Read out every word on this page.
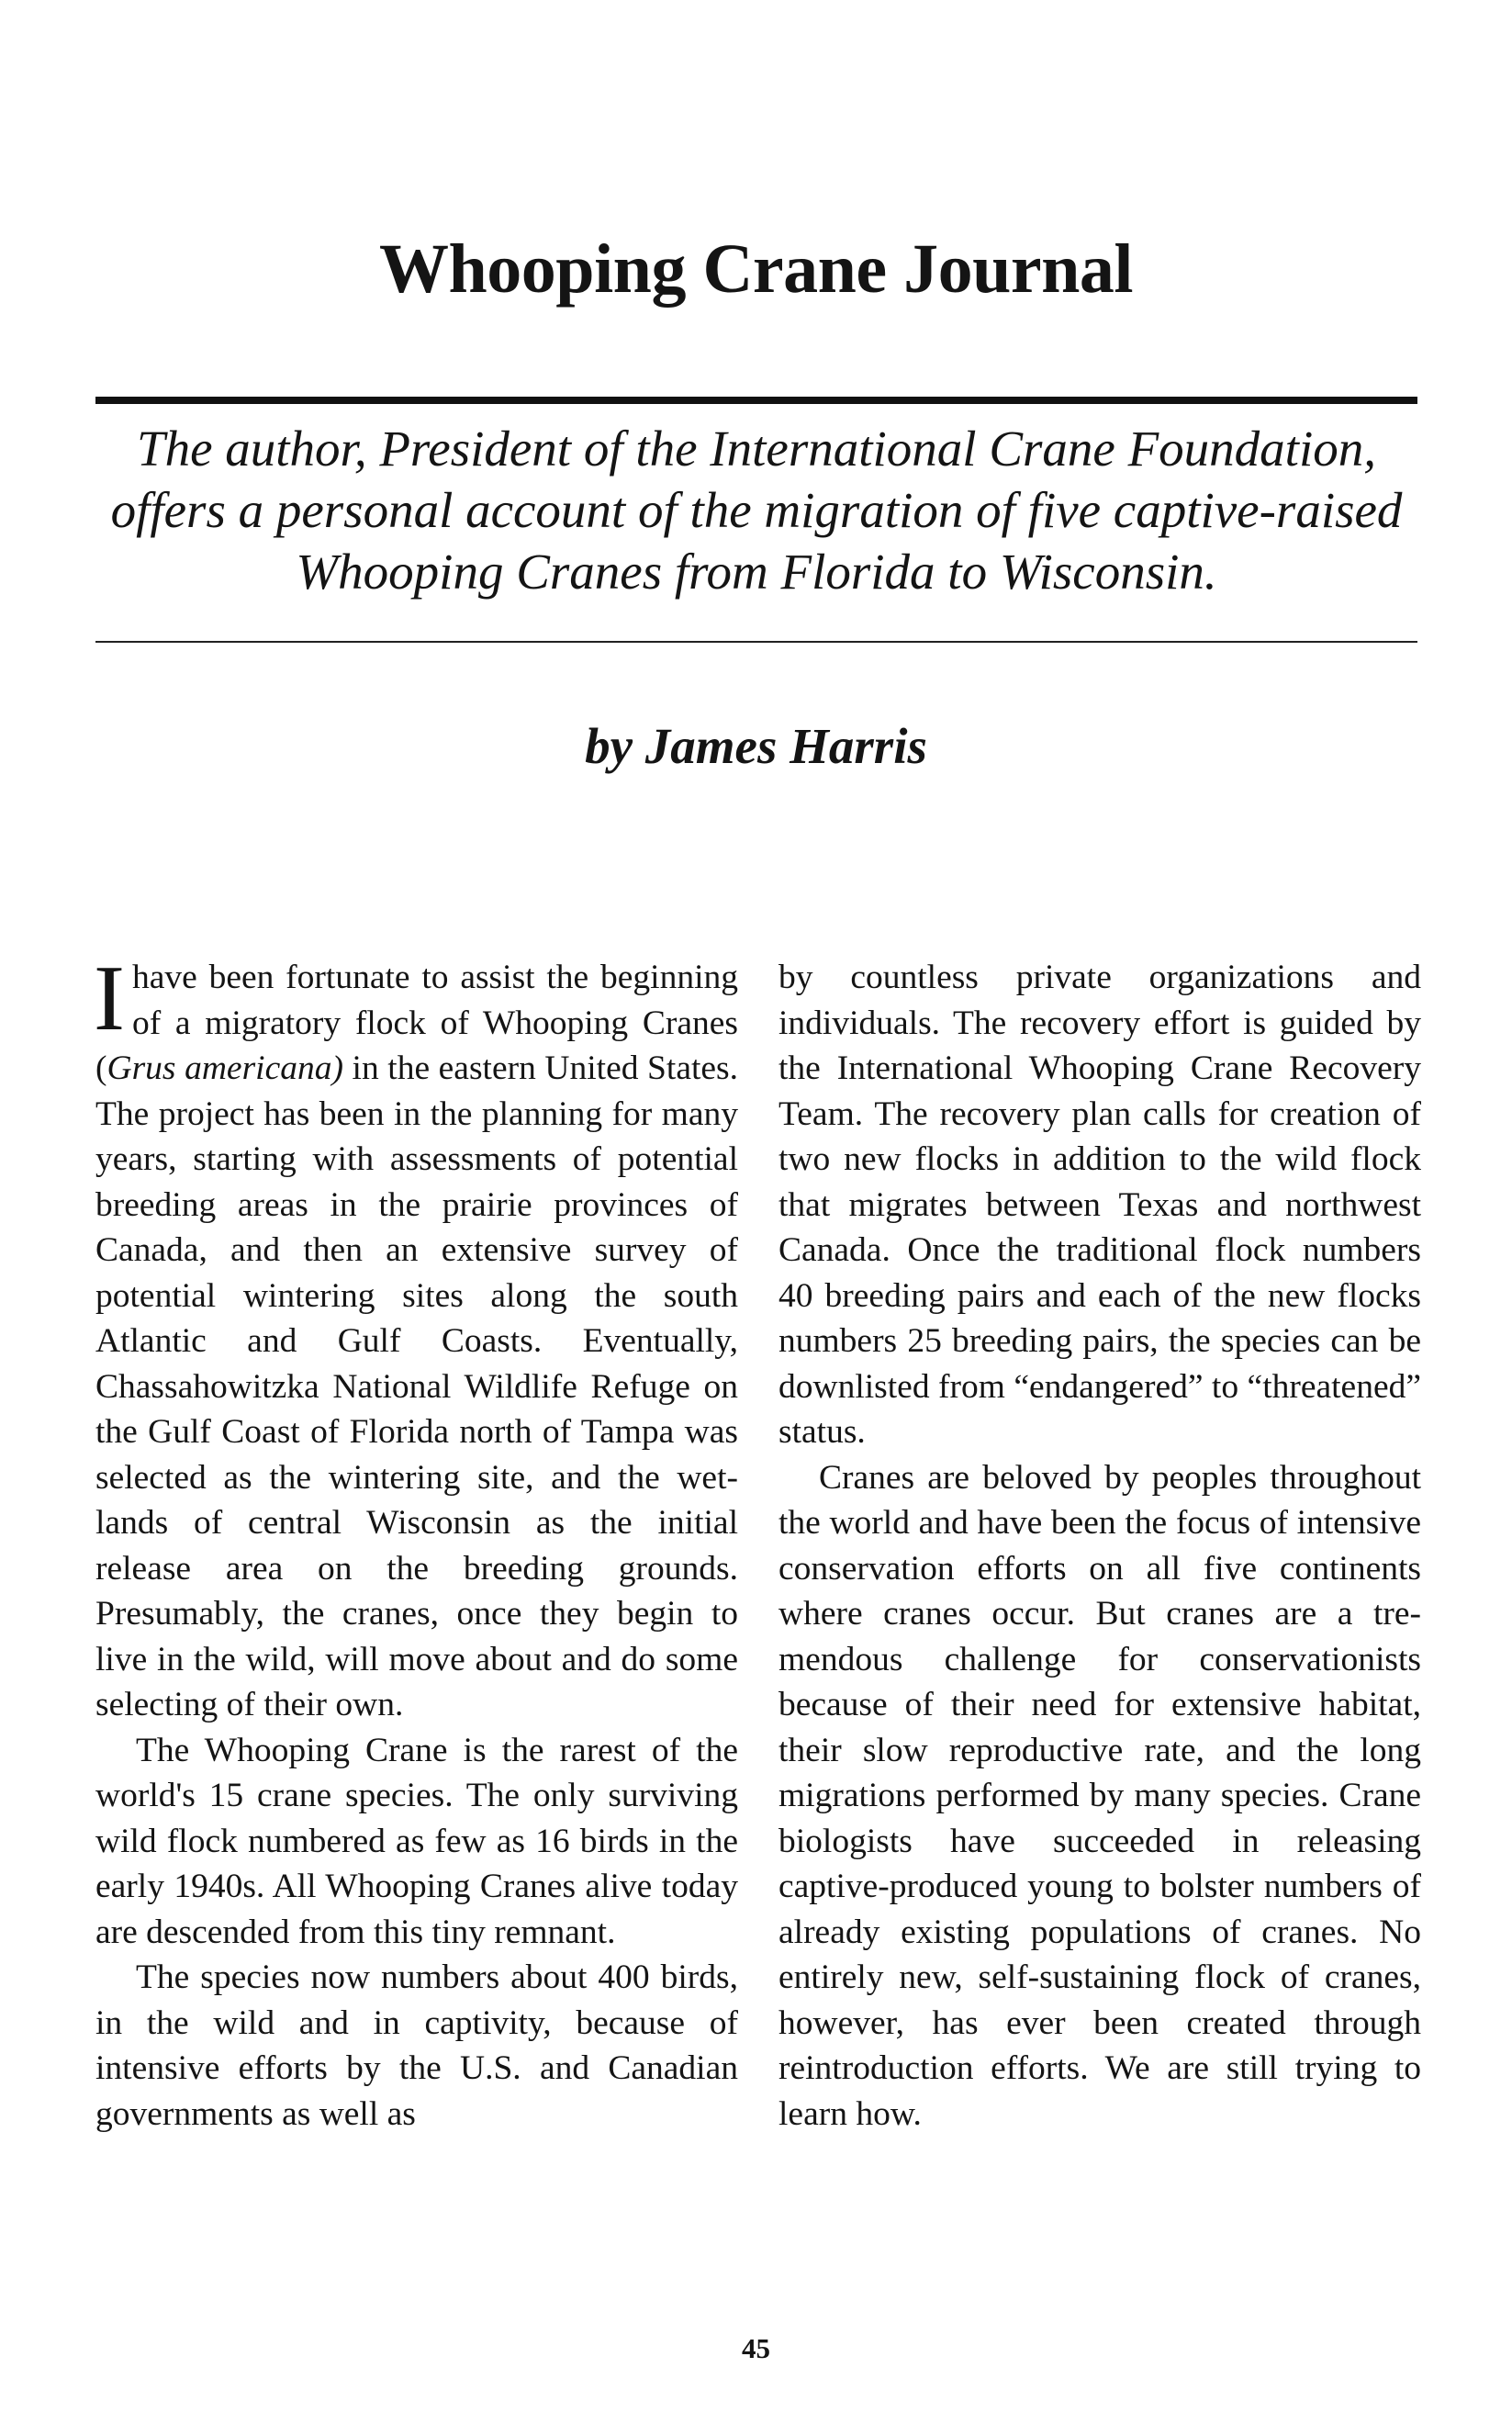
Whooping Crane Journal

The author, President of the International Crane Foundation, offers a personal account of the migration of five captive-raised Whooping Cranes from Florida to Wisconsin.

by James Harris

Ihave been fortunate to assist the beginning of a migratory flock of Whooping Cranes (Grus americana) in the eastern United States. The project has been in the planning for many years, starting with assessments of potential breeding areas in the prairie provinces of Canada, and then an extensive survey of potential wintering sites along the south Atlantic and Gulf Coasts. Eventually, Chassahowitzka National Wildlife Refuge on the Gulf Coast of Florida north of Tampa was selected as the wintering site, and the wetlands of central Wisconsin as the initial release area on the breeding grounds. Presumably, the cranes, once they begin to live in the wild, will move about and do some selecting of their own.

The Whooping Crane is the rarest of the world's 15 crane species. The only surviving wild flock numbered as few as 16 birds in the early 1940s. All Whooping Cranes alive today are descended from this tiny remnant.

The species now numbers about 400 birds, in the wild and in captivity, because of intensive efforts by the U.S. and Canadian governments as well as

by countless private organizations and individuals. The recovery effort is guided by the International Whooping Crane Recovery Team. The recovery plan calls for creation of two new flocks in addition to the wild flock that migrates between Texas and northwest Canada. Once the traditional flock numbers 40 breeding pairs and each of the new flocks numbers 25 breeding pairs, the species can be downlisted from “endangered” to “threatened” status.

Cranes are beloved by peoples throughout the world and have been the focus of intensive conservation efforts on all five continents where cranes occur. But cranes are a tremendous challenge for conservationists because of their need for extensive habitat, their slow reproductive rate, and the long migrations performed by many species. Crane biologists have succeeded in releasing captive-produced young to bolster numbers of already existing populations of cranes. No entirely new, self-sustaining flock of cranes, however, has ever been created through reintroduction efforts. We are still trying to learn how.

45
